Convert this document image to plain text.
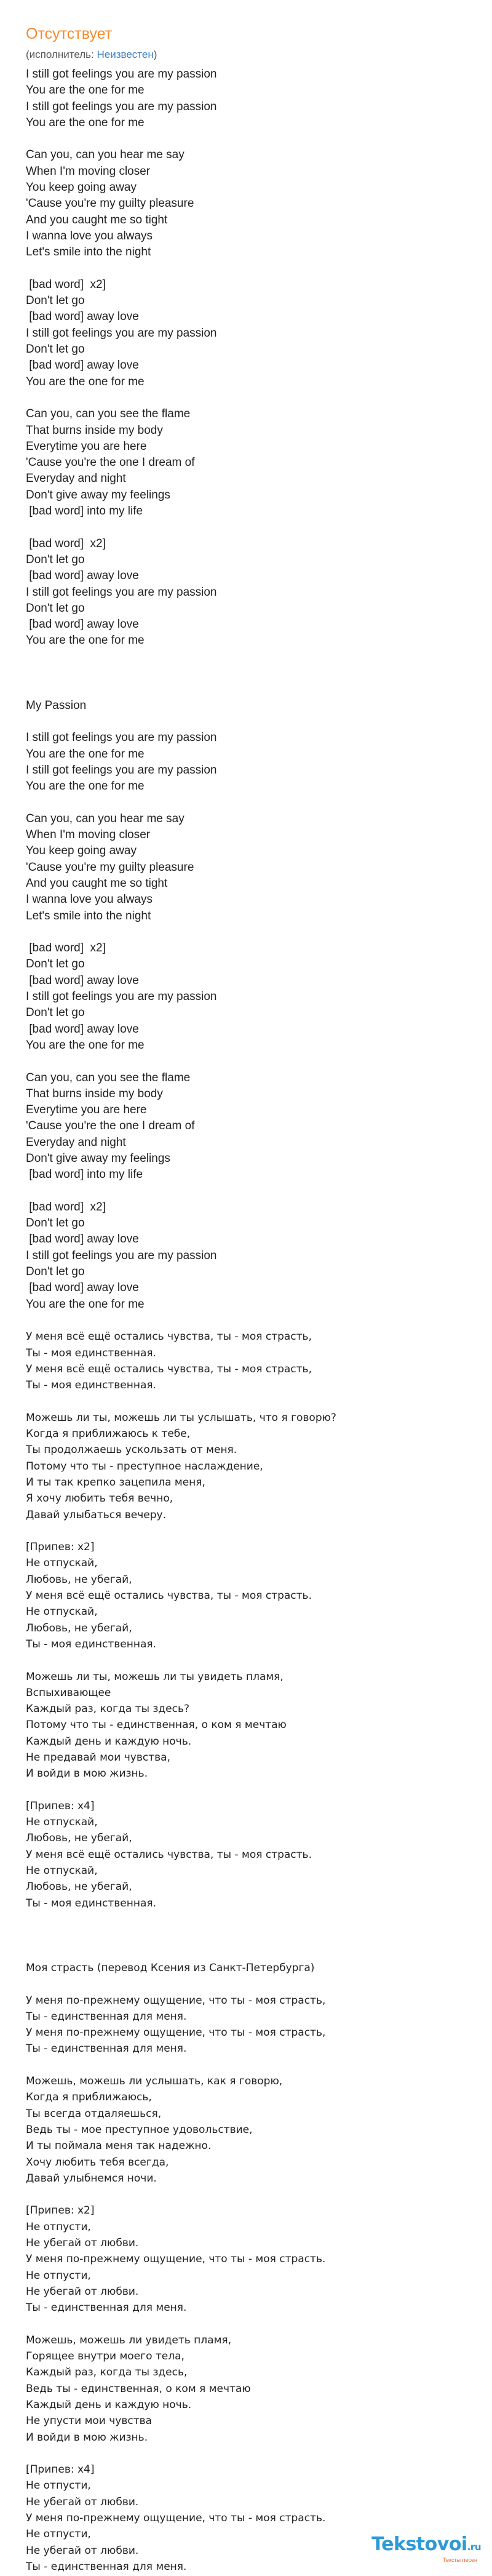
Отсутствует
(исполнитель: Неизвестен)
I still got feelings you are my passion
You are the one for me
I still got feelings you are my passion
You are the one for me
Can you, can you hear me say
When I'm moving closer
You keep going away
'Cause you're my guilty pleasure
And you caught me so tight
I wanna love you always
Let's smile into the night
[bad word]  x2]
Don't let go
[bad word] away love
I still got feelings you are my passion
Don't let go
[bad word] away love
You are the one for me
Can you, can you see the flame
That burns inside my body
Everytime you are here
'Cause you're the one I dream of
Everyday and night
Don't give away my feelings
[bad word] into my life
[bad word]  x2]
Don't let go
[bad word] away love
I still got feelings you are my passion
Don't let go
[bad word] away love
You are the one for me
My Passion
I still got feelings you are my passion
You are the one for me
I still got feelings you are my passion
You are the one for me
Can you, can you hear me say
When I'm moving closer
You keep going away
'Cause you're my guilty pleasure
And you caught me so tight
I wanna love you always
Let's smile into the night
[bad word]  x2]
Don't let go
[bad word] away love
I still got feelings you are my passion
Don't let go
[bad word] away love
You are the one for me
Can you, can you see the flame
That burns inside my body
Everytime you are here
'Cause you're the one I dream of
Everyday and night
Don't give away my feelings
[bad word] into my life
[bad word]  x2]
Don't let go
[bad word] away love
I still got feelings you are my passion
Don't let go
[bad word] away love
You are the one for me
У меня всё ещё остались чувства, ты - моя страсть,
Ты - моя единственная.
У меня всё ещё остались чувства, ты - моя страсть,
Ты - моя единственная.
Можешь ли ты, можешь ли ты услышать, что я говорю?
Когда я приближаюсь к тебе,
Ты продолжаешь ускользать от меня.
Потому что ты - преступное наслаждение,
И ты так крепко зацепила меня,
Я хочу любить тебя вечно,
Давай улыбаться вечеру.
[Припев: x2]
Не отпускай,
Любовь, не убегай,
У меня всё ещё остались чувства, ты - моя страсть.
Не отпускай,
Любовь, не убегай,
Ты - моя единственная.
Можешь ли ты, можешь ли ты увидеть пламя,
Вспыхивающее
Каждый раз, когда ты здесь?
Потому что ты - единственная, о ком я мечтаю
Каждый день и каждую ночь.
Не предавай мои чувства,
И войди в мою жизнь.
[Припев: x4]
Не отпускай,
Любовь, не убегай,
У меня всё ещё остались чувства, ты - моя страсть.
Не отпускай,
Любовь, не убегай,
Ты - моя единственная.
Моя страсть (перевод Ксения из Санкт-Петербурга)
У меня по-прежнему ощущение, что ты - моя страсть,
Ты - единственная для меня.
У меня по-прежнему ощущение, что ты - моя страсть,
Ты - единственная для меня.
Можешь, можешь ли услышать, как я говорю,
Когда я приближаюсь,
Ты всегда отдаляешься,
Ведь ты - мое преступное удовольствие,
И ты поймала меня так надежно.
Хочу любить тебя всегда,
Давай улыбнемся ночи.
[Припев: x2]
Не отпусти,
Не убегай от любви.
У меня по-прежнему ощущение, что ты - моя страсть.
Не отпусти,
Не убегай от любви.
Ты - единственная для меня.
Можешь, можешь ли увидеть пламя,
Горящее внутри моего тела,
Каждый раз, когда ты здесь,
Ведь ты - единственная, о ком я мечтаю
Каждый день и каждую ночь.
Не упусти мои чувства
И войди в мою жизнь.
[Припев: x4]
Не отпусти,
Не убегай от любви.
У меня по-прежнему ощущение, что ты - моя страсть.
Не отпусти,
Не убегай от любви.
Ты - единственная для меня.
Tekstovoi.ru
Тексты песен
